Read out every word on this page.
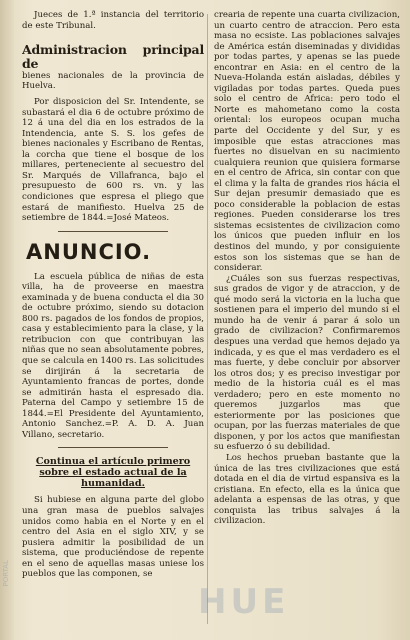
Jueces de 1.ª instancia del territorio de este Tribunal.

Administracion principal de
bienes nacionales de la provincia de Huelva.

Por disposicion del Sr. Intendente, se subastará el dia 6 de octubre próximo de 12 á una del dia en los estrados de la Intendencia, ante S. S. los gefes de bienes nacionales y Escribano de Rentas, la corcha que tiene el bosque de los millares, perteneciente al secuestro del Sr. Marqués de Villafranca, bajo el presupuesto de 600 rs. vn. y las condiciones que espresa el pliego que estará de manifiesto. Huelva 25 de setiembre de 1844.=José Mateos.

ANUNCIO.

La escuela pública de niñas de esta villa, ha de proveerse en maestra examinada y de buena conducta el dia 30 de octubre próximo, siendo su dotacion 800 rs. pagados de los fondos de propios, casa y establecimiento para la clase, y la retribucion con que contribuyan las niñas que no sean absolutamente pobres, que se calcula en 1400 rs. Las solicitudes se dirijirán á la secretaria de Ayuntamiento francas de portes, donde se admitirán hasta el espresado dia. Paterna del Campo y setiembre 15 de 1844.=El Presidente del Ayuntamiento, Antonio Sanchez.=P. A. D. A. Juan Villano, secretario.

Continua el artículo primero sobre el estado actual de la humanidad.

Si hubiese en alguna parte del globo una gran masa de pueblos salvajes unidos como habia en el Norte y en el centro del Asia en el siglo XIV, y se pusiera admitir la posibilidad de un sistema, que produciéndose de repente en el seno de aquellas masas uniese los pueblos que las componen, se

crearia de repente una cuarta civilizacion, un cuarto centro de atraccion. Pero esta masa no ecsiste. Las poblaciones salvajes de América están diseminadas y divididas por todas partes, y apenas se las puede encontrar en Asia: en el centro de la Nueva-Holanda están aisladas, débiles y vigiladas por todas partes. Queda pues solo el centro de Africa: pero todo el Norte es mahometano como la costa oriental: los europeos ocupan mucha parte del Occidente y del Sur, y es imposible que estas atracciones mas fuertes no disuelvan en su nacimiento cualquiera reunion que quisiera formarse en el centro de Africa, sin contar con que el clima y la falta de grandes rios hácia el Sur dejan presumir demasiado que es poco considerable la poblacion de estas regiones. Pueden considerarse los tres sistemas ecsistentes de civilizacion como los únicos que pueden influir en los destinos del mundo, y por consiguiente estos son los sistemas que se han de considerar.

¿Cuáles son sus fuerzas respectivas, sus grados de vigor y de atraccion, y de qué modo será la victoria en la lucha que sostienen para el imperio del mundo si el mundo ha de venir á parar á solo un grado de civilizacion? Confirmaremos despues una verdad que hemos dejado ya indicada, y es que el mas verdadero es el mas fuerte, y debe concluir por absorver los otros dos; y es preciso investigar por medio de la historia cuál es el mas verdadero; pero en este momento no queremos juzgarlos mas que esteriormente por las posiciones que ocupan, por las fuerzas materiales de que disponen, y por los actos que manifiestan su esfuerzo ó su debilidad.

Los hechos prueban bastante que la única de las tres civilizaciones que está dotada en el dia de virtud espansiva es la cristiana. En efecto, ella es la única que adelanta a espensas de las otras, y que conquista las tribus salvajes á la civilizacion.

HUE
PORTAL
